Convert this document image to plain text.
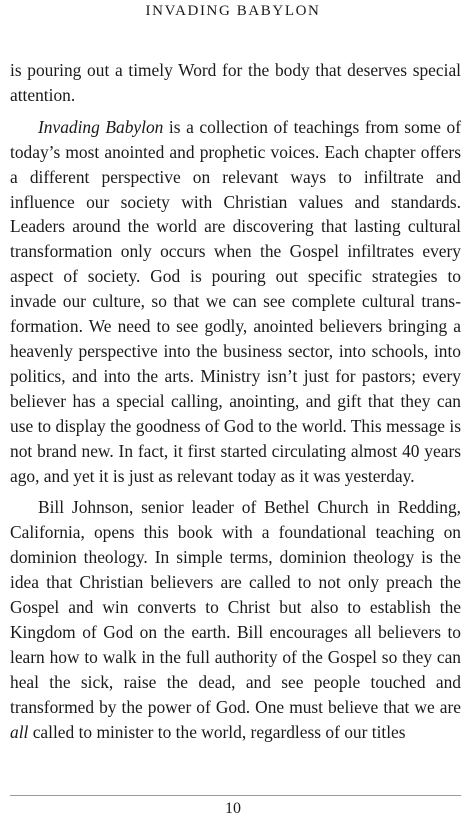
INVADING BABYLON

is pouring out a timely Word for the body that deserves special attention.

Invading Babylon is a collection of teachings from some of today’s most anointed and prophetic voices. Each chapter offers a different perspective on relevant ways to infiltrate and influence our society with Christian values and standards. Leaders around the world are discovering that lasting cultural transformation only occurs when the Gospel infiltrates every aspect of society. God is pouring out specific strategies to invade our culture, so that we can see complete cultural transformation. We need to see godly, anointed believers bringing a heavenly perspective into the business sector, into schools, into politics, and into the arts. Ministry isn’t just for pastors; every believer has a special calling, anointing, and gift that they can use to display the goodness of God to the world. This message is not brand new. In fact, it first started circulating almost 40 years ago, and yet it is just as relevant today as it was yesterday.

Bill Johnson, senior leader of Bethel Church in Redding, California, opens this book with a foundational teaching on dominion theology. In simple terms, dominion theology is the idea that Christian believers are called to not only preach the Gospel and win converts to Christ but also to establish the Kingdom of God on the earth. Bill encourages all believers to learn how to walk in the full authority of the Gospel so they can heal the sick, raise the dead, and see people touched and transformed by the power of God. One must believe that we are all called to minister to the world, regardless of our titles

10
